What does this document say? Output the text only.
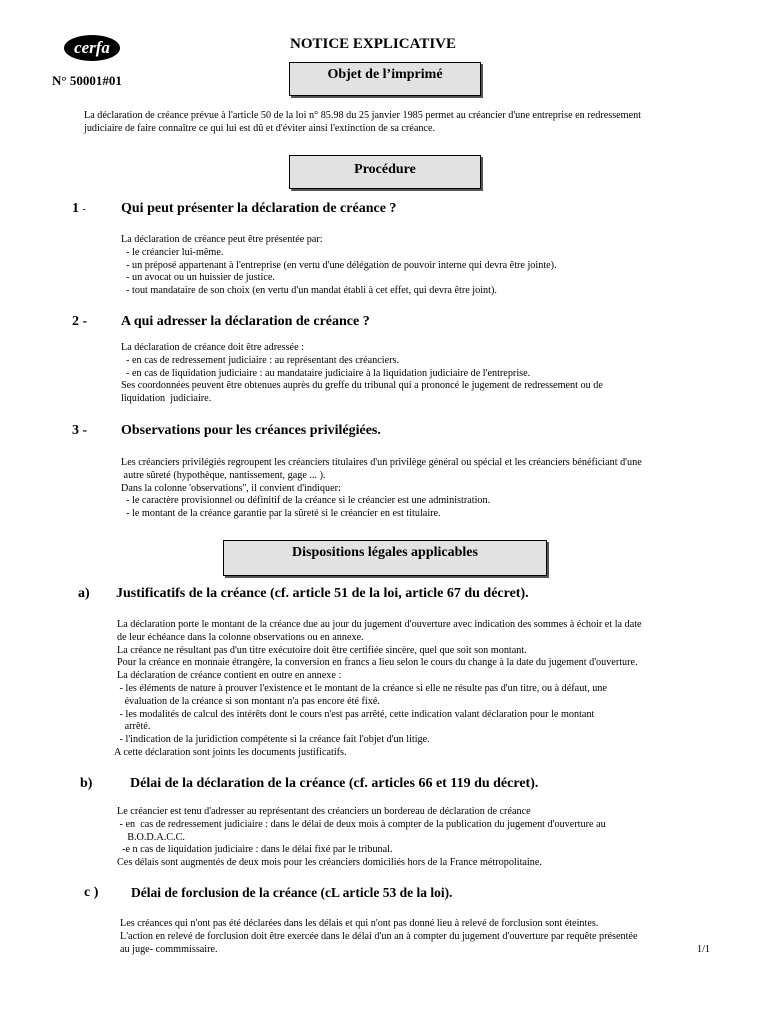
cerfa	NOTICE EXPLICATIVE
N° 50001#01	Objet de l’imprimé
La déclaration de créance prévue à l'article 50 de la loi n° 85.98 du 25 janvier 1985 permet au créancier d'une entreprise en redressement
judiciaire de faire connaître ce qui lui est dû et d'éviter ainsi l'extinction de sa créance.
Procédure
1 -	Qui peut présenter la déclaration de créance ?
La déclaration de créance peut être présentée par:
- le créancier lui-même.
- un préposé appartenant à l'entreprise (en vertu d'une délégation de pouvoir interne qui devra être jointe).
- un avocat ou un huissier de justice.
- tout mandataire de son choix (en vertu d'un mandat établi à cet effet, qui devra être joint).
2 - A qui adresser la déclaration de créance ?
La déclaration de créance doit être adressée :
- en cas de redressement judiciaire : au représentant des créanciers.
- en cas de liquidation judiciaire : au mandataire judiciaire à la liquidation judiciaire de l'entreprise.
Ses coordonnées peuvent être obtenues auprès du greffe du tribunal qui a prononcé le jugement de redressement ou de
liquidation  judiciaire.
3 - Observations pour les créances privilégiées.
Les créanciers privilégiés regroupent les créanciers titulaires d'un privilège général ou spécial et les créanciers bénéficiant d'une
autre sûreté (hypothèque, nantissement, gage ... ).
Dans la colonne 'observations'', il convient d'indiquer:
- le caractère provisionnel ou définitif de la créance si le créancier est une administration.
- le montant de la créance garantie par la sûreté si le créancier en est titulaire.
Dispositions légales applicables
a) Justificatifs de la créance (cf. article 51 de la loi, article 67 du décret).
La déclaration porte le montant de la créance due au jour du jugement d'ouverture avec indication des sommes à échoir et la date
de leur échéance dans la colonne observations ou en annexe.
La créance ne résultant pas d'un titre exécutoire doit être certifiée sincère, quel que soit son montant.
Pour la créance en monnaie étrangère, la conversion en francs a lieu selon le cours du change à la date du jugement d'ouverture.
La déclaration de créance contient en outre en annexe :
- les éléments de nature à prouver l'existence et le montant de la créance si elle ne résulte pas d'un titre, ou à défaut, une
évaluation de la créance si son montant n'a pas encore été fixé.
- les modalités de calcul des intérêts dont le cours n'est pas arrêté, cette indication valant déclaration pour le montant
arrêté.
- l'indication de la juridiction compétente si la créance fait l'objet d'un litige.
A cette déclaration sont joints les documents justificatifs.
b)	Délai de la déclaration de la créance (cf. articles 66 et 119 du décret).
Le créancier est tenu d'adresser au représentant des créanciers un bordereau de déclaration de créance
- en  cas de redressement judiciaire : dans le délai de deux mois à compter de la publication du jugement d'ouverture au
B.O.D.A.C.C.
-e n cas de liquidation judiciaire : dans le délai fixé par le tribunal.
Ces délais sont augmentés de deux mois pour les créanciers domiciliés hors de la France métropolitaine.
c ) Délai de forclusion de la créance (cL article 53 de la loi).
Les créances qui n'ont pas été déclarées dans les délais et qui n'ont pas donné lieu à relevé de forclusion sont éteintes.
L'action en relevé de forclusion doit être exercée dans le délai d'un an à compter du jugement d'ouverture par requête présentée
au juge- commmissaire.	1/1
